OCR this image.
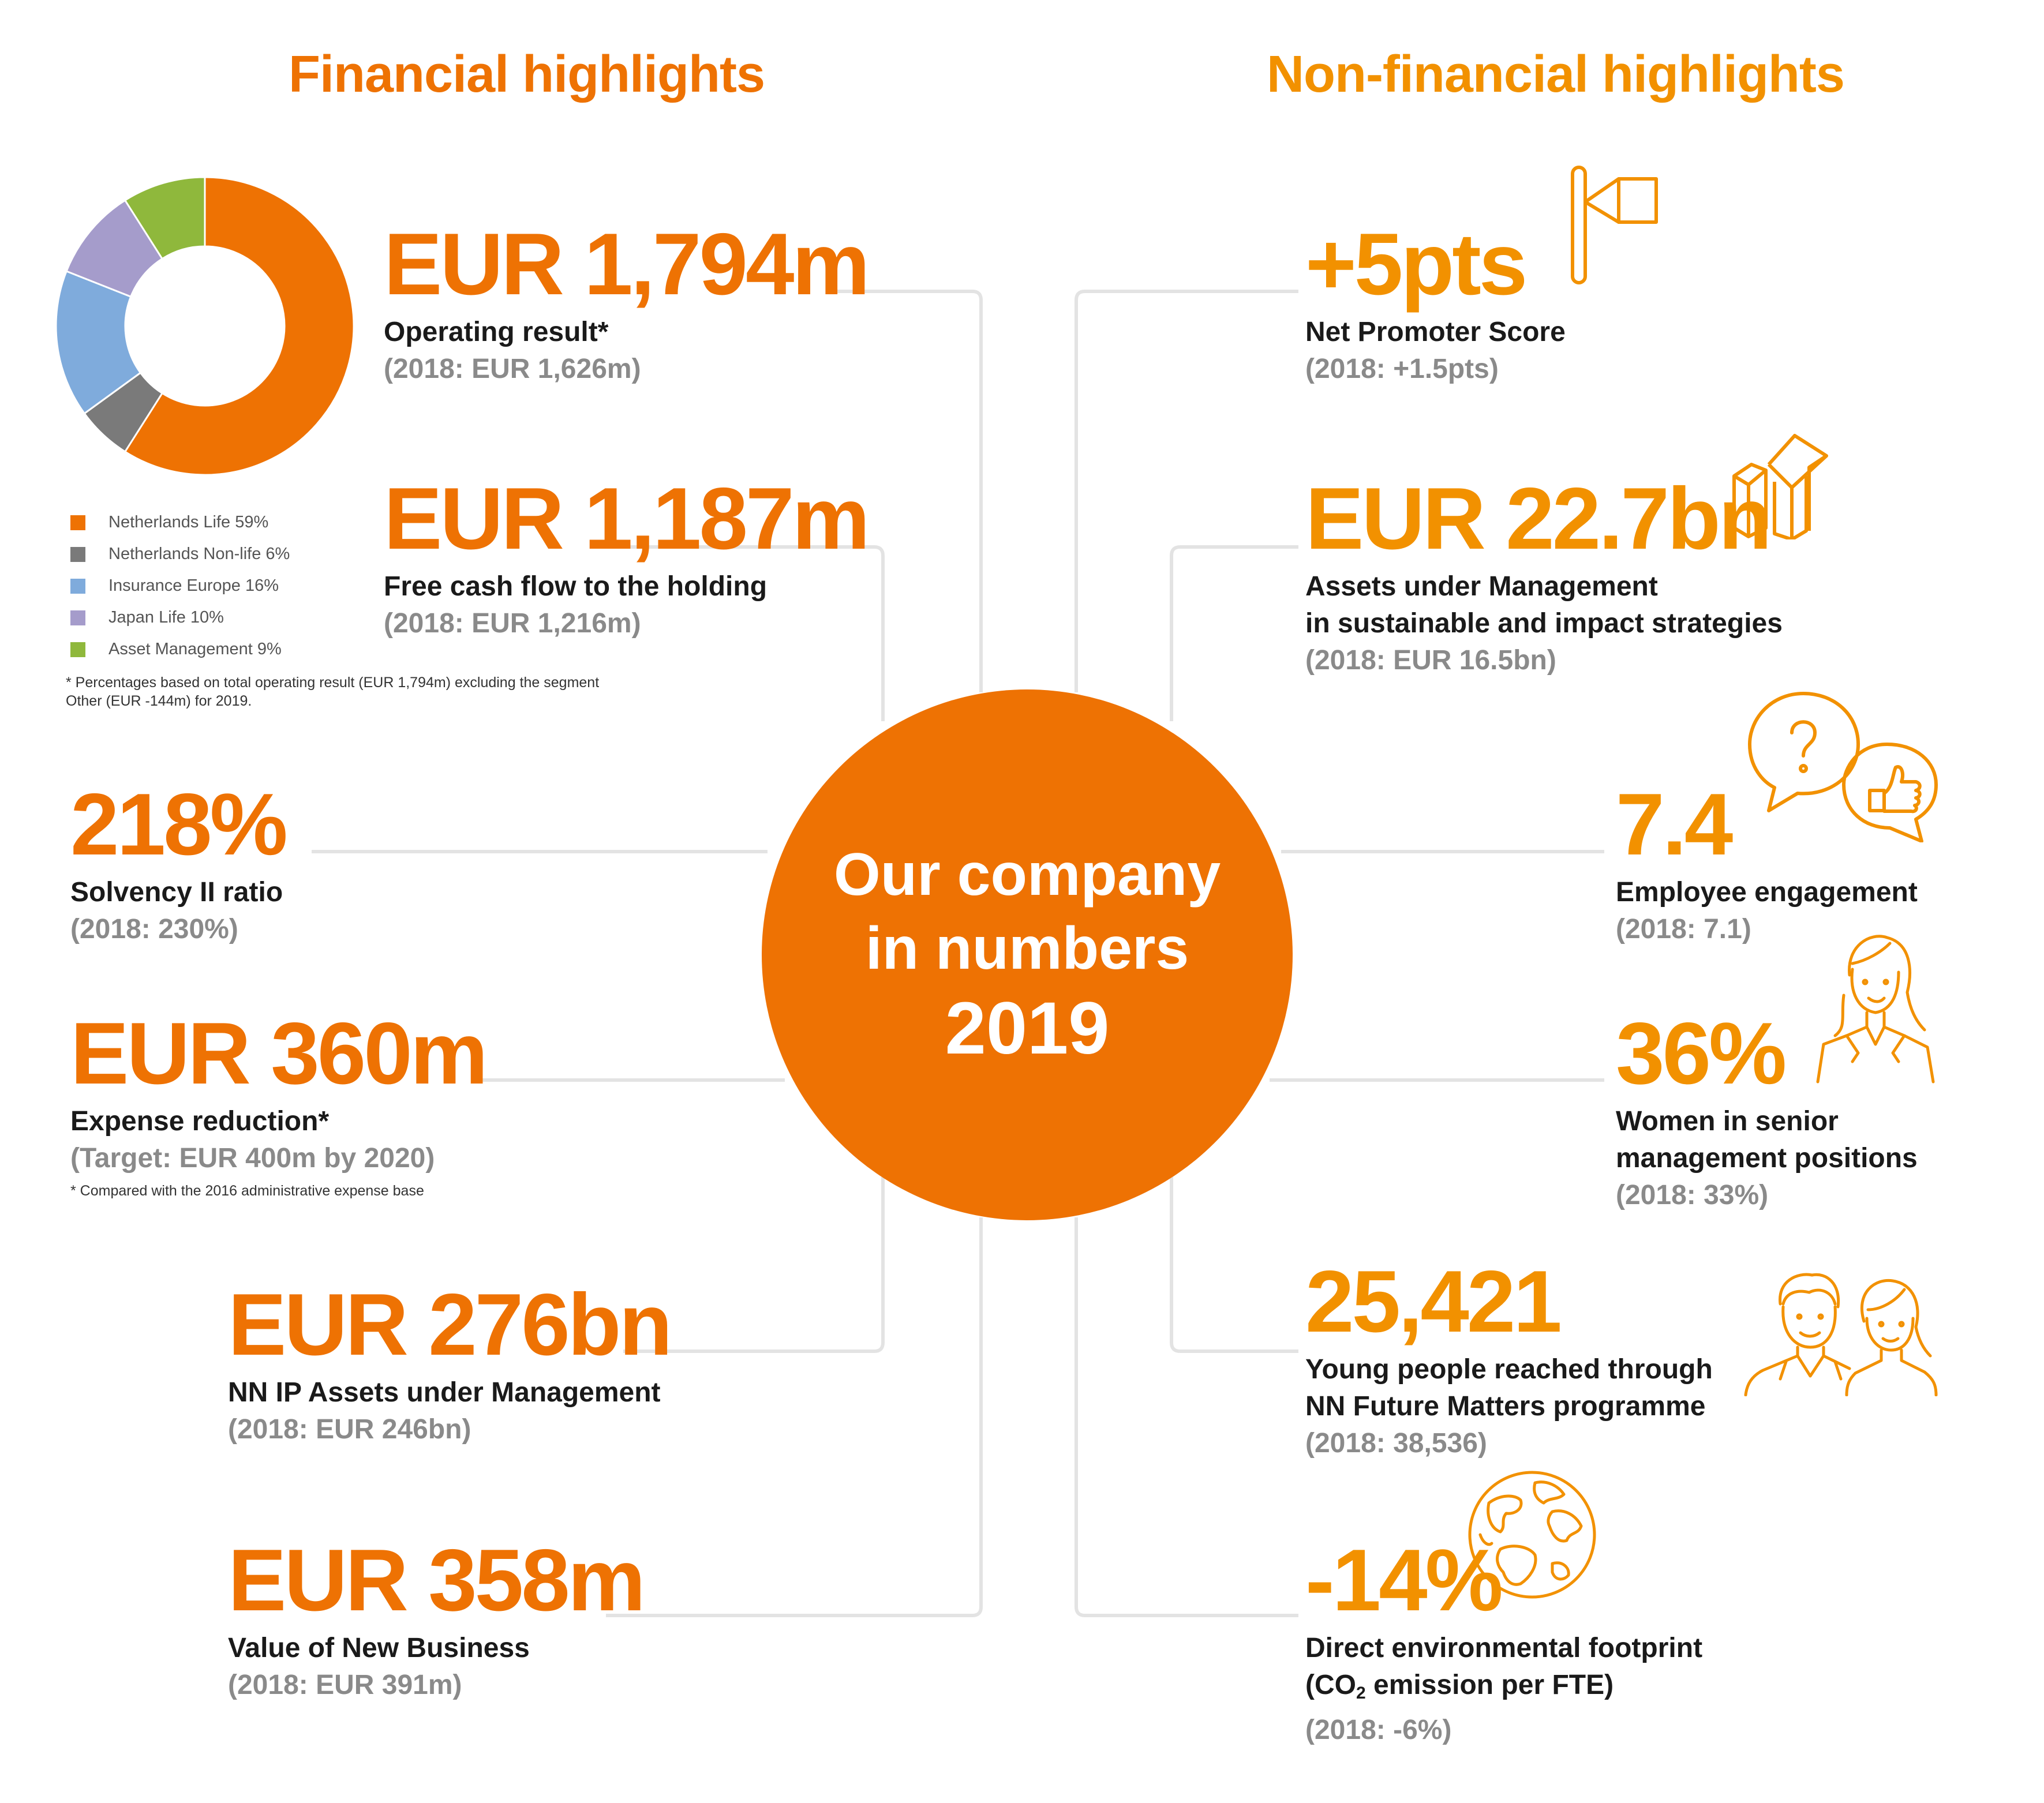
Financial highlights	Non-financial highlights
Netherlands Life 59%
Netherlands Non-life 6%
Insurance Europe 16%
Japan Life 10%
Asset Management 9%
* Percentages based on total operating result (EUR 1,794m) excluding the segment
Other (EUR -144m) for 2019.
EUR 1,794m
Operating result*
(2018: EUR 1,626m)
EUR 1,187m
Free cash flow to the holding
(2018: EUR 1,216m)
218%
Solvency II ratio
(2018: 230%)
EUR 360m
Expense reduction*
(Target: EUR 400m by 2020)
* Compared with the 2016 administrative expense base
EUR 276bn
NN IP Assets under Management
(2018: EUR 246bn)
EUR 358m
Value of New Business
(2018: EUR 391m)
Our company
in numbers
2019
+5pts
Net Promoter Score
(2018: +1.5pts)
EUR 22.7bn
Assets under Management
in sustainable and impact strategies
(2018: EUR 16.5bn)
7.4
Employee engagement
(2018: 7.1)
36%
Women in senior
management positions
(2018: 33%)
25,421
Young people reached through
NN Future Matters programme
(2018: 38,536)
-14%
Direct environmental footprint
(CO2 emission per FTE)
(2018: -6%)
